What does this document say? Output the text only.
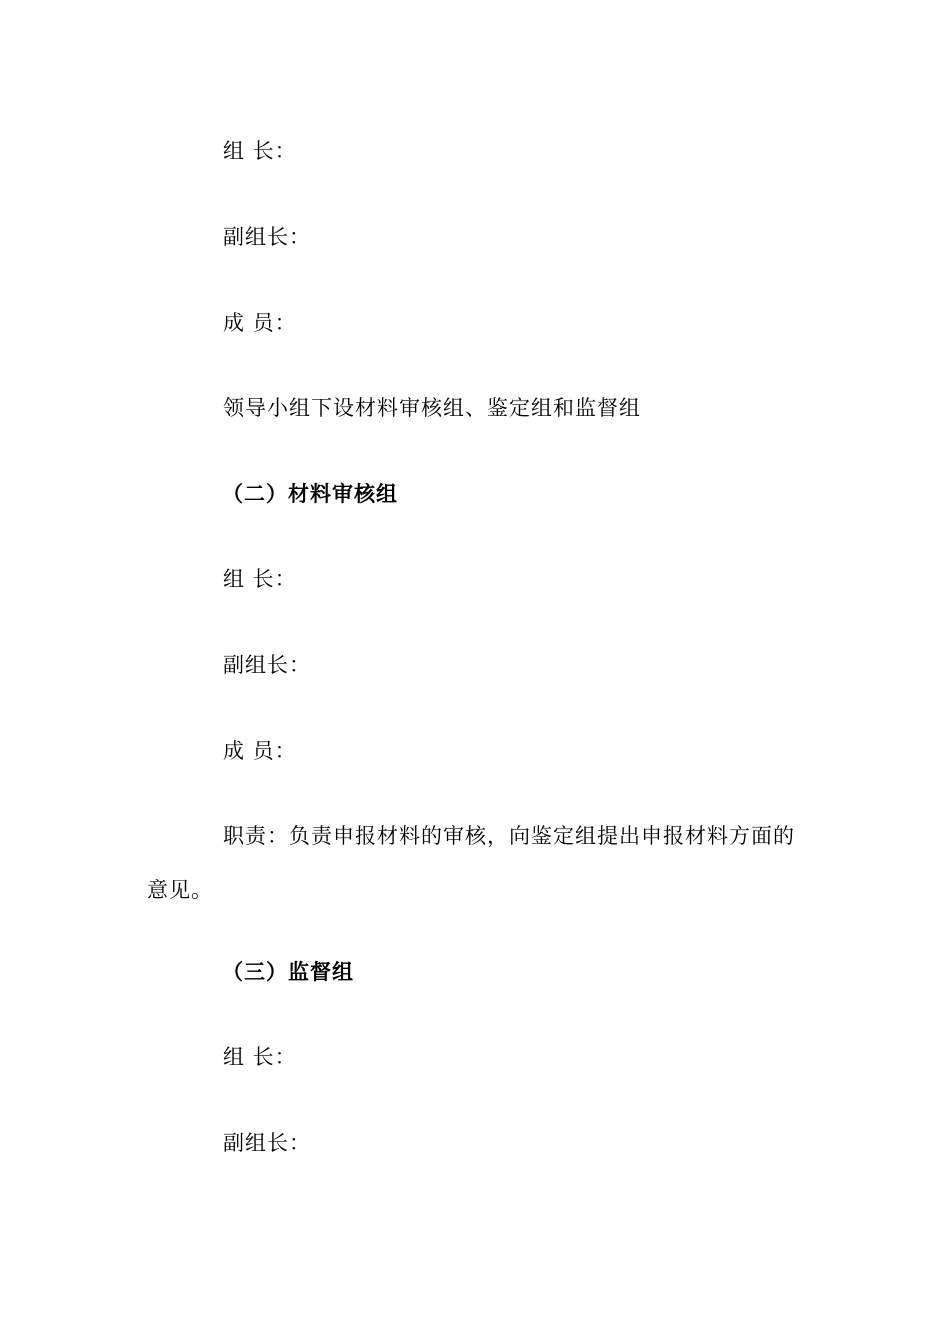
组 长：
副组长：
成 员：
领导小组下设材料审核组、鉴定组和监督组
（二）材料审核组
组 长：
副组长：
成 员：
职责：负责申报材料的审核，向鉴定组提出申报材料方面的意见。
（三）监督组
组 长：
副组长：
